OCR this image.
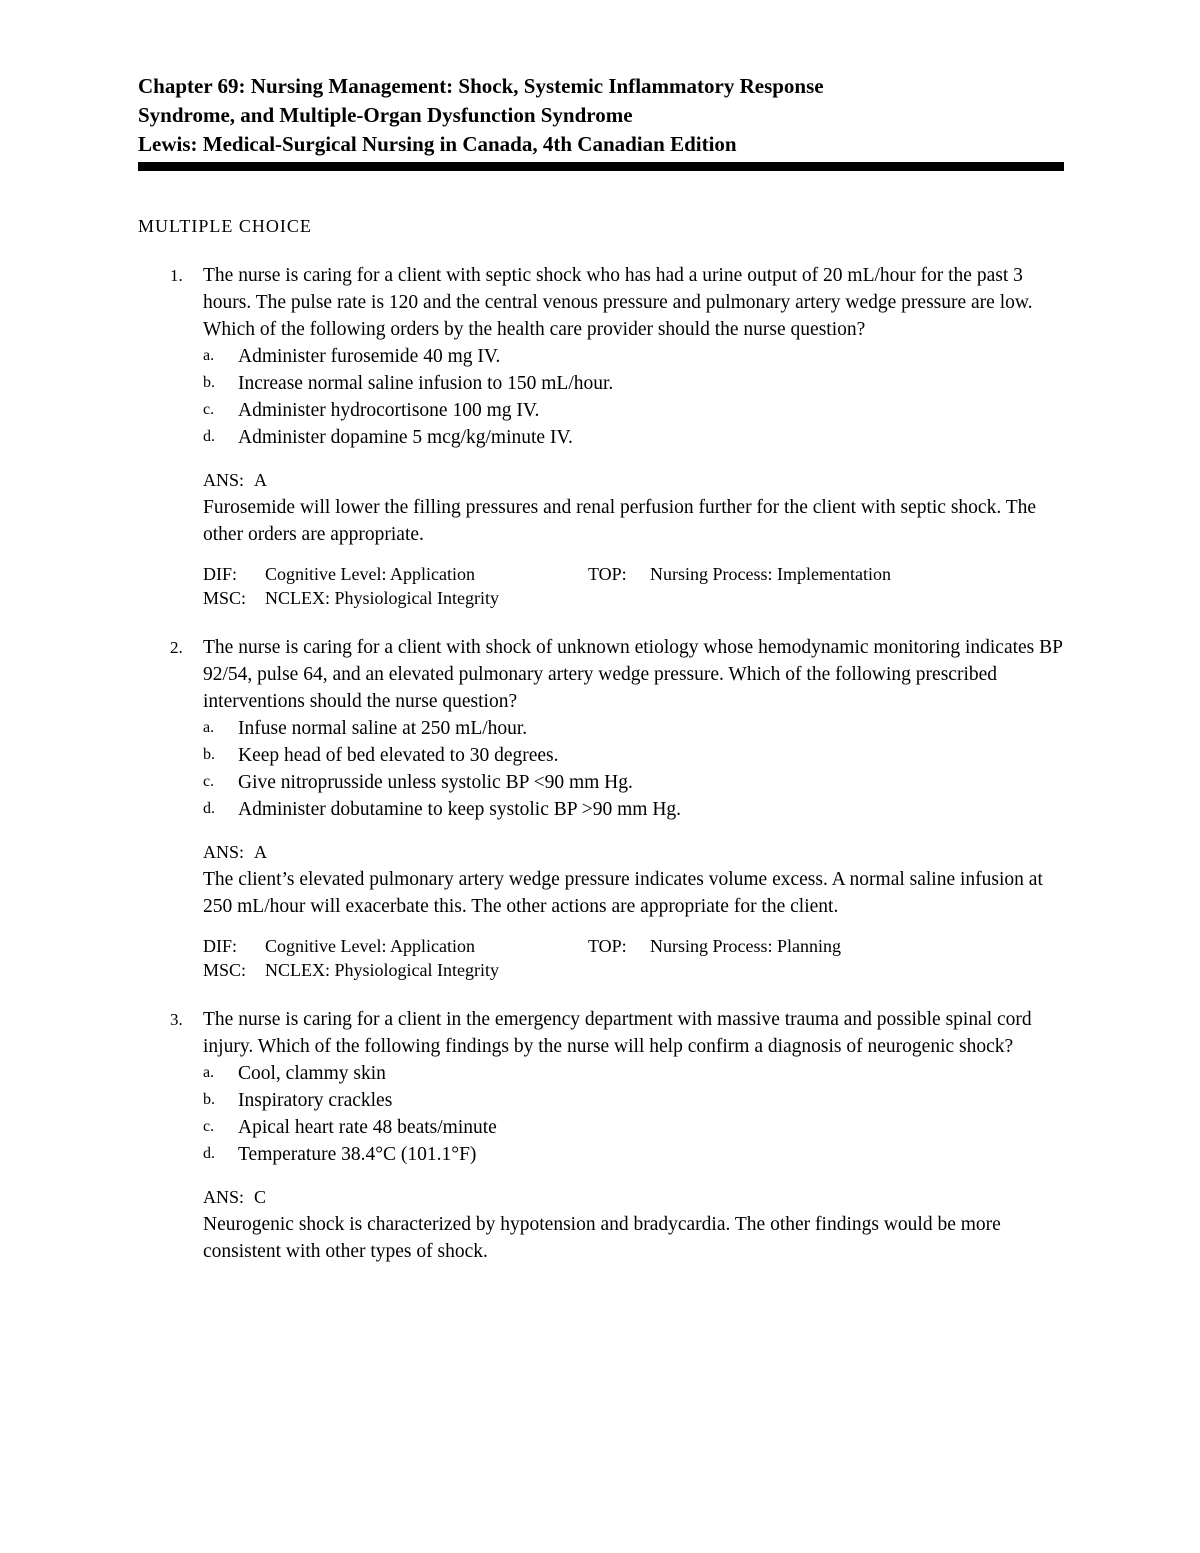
Chapter 69: Nursing Management: Shock, Systemic Inflammatory Response

Syndrome, and Multiple-Organ Dysfunction Syndrome

Lewis: Medical-Surgical Nursing in Canada, 4th Canadian Edition

MULTIPLE CHOICE
1. The nurse is caring for a client with septic shock who has had a urine output of 20 mL/hour for the past 3 hours. The pulse rate is 120 and the central venous pressure and pulmonary artery wedge pressure are low. Which of the following orders by the health care provider should the nurse question?

a. Administer furosemide 40 mg IV.
b. Increase normal saline infusion to 150 mL/hour.
c. Administer hydrocortisone 100 mg IV.
d. Administer dopamine 5 mcg/kg/minute IV.
ANS: A

Furosemide will lower the filling pressures and renal perfusion further for the client with septic shock. The other orders are appropriate.

DIF:	Cognitive Level: Application	TOP:	Nursing Process: Implementation
MSC:	NCLEX: Physiological Integrity
2. The nurse is caring for a client with shock of unknown etiology whose hemodynamic monitoring indicates BP 92/54, pulse 64, and an elevated pulmonary artery wedge pressure. Which of the following prescribed interventions should the nurse question?

a. Infuse normal saline at 250 mL/hour.
b. Keep head of bed elevated to 30 degrees.
c. Give nitroprusside unless systolic BP <90 mm Hg.
d. Administer dobutamine to keep systolic BP >90 mm Hg.
ANS: A

The client’s elevated pulmonary artery wedge pressure indicates volume excess. A normal saline infusion at 250 mL/hour will exacerbate this. The other actions are appropriate for the client.

DIF:	Cognitive Level: Application	TOP:	Nursing Process: Planning
MSC:	NCLEX: Physiological Integrity
3. The nurse is caring for a client in the emergency department with massive trauma and possible spinal cord injury. Which of the following findings by the nurse will help confirm a diagnosis of neurogenic shock?

a. Cool, clammy skin
b. Inspiratory crackles
c. Apical heart rate 48 beats/minute
d. Temperature 38.4°C (101.1°F)
ANS: C

Neurogenic shock is characterized by hypotension and bradycardia. The other findings would be more consistent with other types of shock.
